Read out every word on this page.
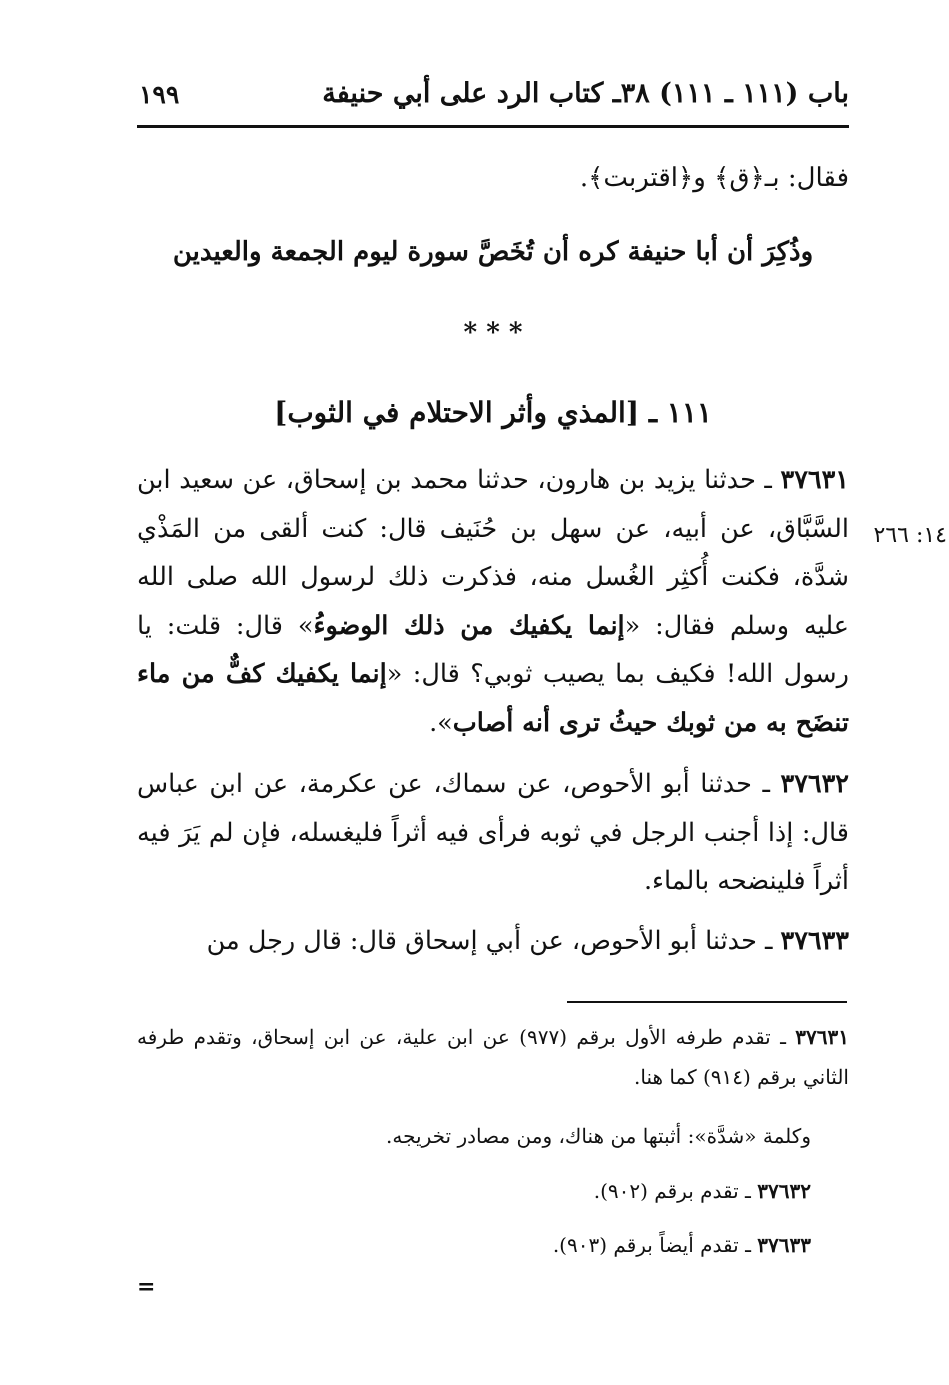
باب (١١١ ـ ١١١) ٣٨ـ كتاب الرد على أبي حنيفة
١٩٩
فقال: بـ﴿ق﴾ و﴿اقتربت﴾.
وذُكِرَ أن أبا حنيفة كره أن تُخَصَّ سورة ليوم الجمعة والعيدين
* * *
١١١ ـ [المذي وأثر الاحتلام في الثوب]
٣٧٦٣١ ـ حدثنا يزيد بن هارون، حدثنا محمد بن إسحاق، عن سعيد ابن السَّبَّاق، عن أبيه، عن سهل بن حُنَيف قال: كنت ألقى من المَذْي شدَّة، فكنت أُكثِر الغُسل منه، فذكرت ذلك لرسول الله صلى الله عليه وسلم فقال: «إنما يكفيك من ذلك الوضوءُ» قال: قلت: يا رسول الله! فكيف بما يصيب ثوبي؟ قال: «إنما يكفيك كفٌّ من ماء تنضَح به من ثوبك حيثُ ترى أنه أصاب».
١٤: ٢٦٦
٣٧٦٣٢ ـ حدثنا أبو الأحوص، عن سماك، عن عكرمة، عن ابن عباس قال: إذا أجنب الرجل في ثوبه فرأى فيه أثراً فليغسله، فإن لم يَرَ فيه أثراً فلينضحه بالماء.
٣٧٦٣٣ ـ حدثنا أبو الأحوص، عن أبي إسحاق قال: قال رجل من
٣٧٦٣١ ـ تقدم طرفه الأول برقم (٩٧٧) عن ابن علية، عن ابن إسحاق، وتقدم طرفه الثاني برقم (٩١٤) كما هنا.
وكلمة «شدَّة»: أثبتها من هناك، ومن مصادر تخريجه.
٣٧٦٣٢ ـ تقدم برقم (٩٠٢).
٣٧٦٣٣ ـ تقدم أيضاً برقم (٩٠٣).
=
